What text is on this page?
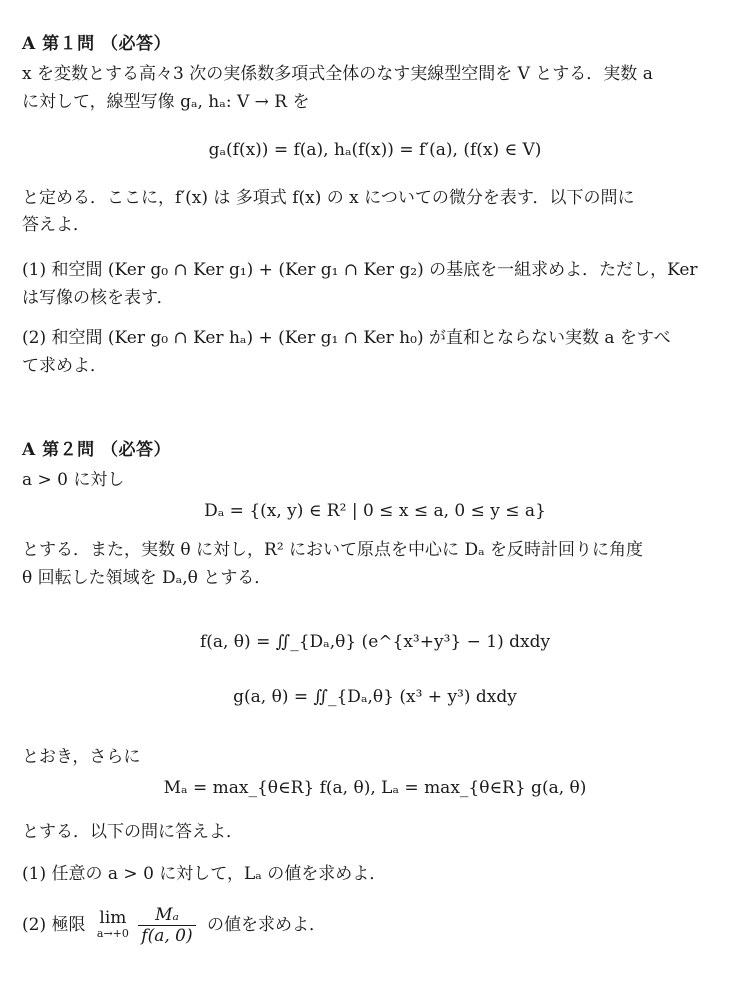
A 第１問 （必答）
x を変数とする高々3 次の実係数多項式全体のなす実線型空間を V とする．実数 a
に対して，線型写像 gₐ, hₐ: V → R を
gₐ(f(x)) = f(a), hₐ(f(x)) = f′(a), (f(x) ∈ V)
と定める．ここに，f′(x) は 多項式 f(x) の x についての微分を表す．以下の問に
答えよ．
(1) 和空間 (Ker g₀ ∩ Ker g₁) + (Ker g₁ ∩ Ker g₂) の基底を一組求めよ．ただし，Ker
は写像の核を表す．
(2) 和空間 (Ker g₀ ∩ Ker hₐ) + (Ker g₁ ∩ Ker h₀) が直和とならない実数 a をすべ
て求めよ．
A 第２問 （必答）
a > 0 に対し
Dₐ = {(x, y) ∈ R² | 0 ≤ x ≤ a, 0 ≤ y ≤ a}
とする．また，実数 θ に対し，R² において原点を中心に Dₐ を反時計回りに角度
θ 回転した領域を Dₐ,θ とする．
f(a, θ) = ∬_{Dₐ,θ} (e^{x³+y³} − 1) dxdy
g(a, θ) = ∬_{Dₐ,θ} (x³ + y³) dxdy
とおき，さらに
Mₐ = max_{θ∈R} f(a, θ), Lₐ = max_{θ∈R} g(a, θ)
とする．以下の問に答えよ．
(1) 任意の a > 0 に対して，Lₐ の値を求めよ．
(2) 極限 lim
a→+0
$\frac{\text{Mₐ}}{f(a, 0)}$ の値を求めよ．
